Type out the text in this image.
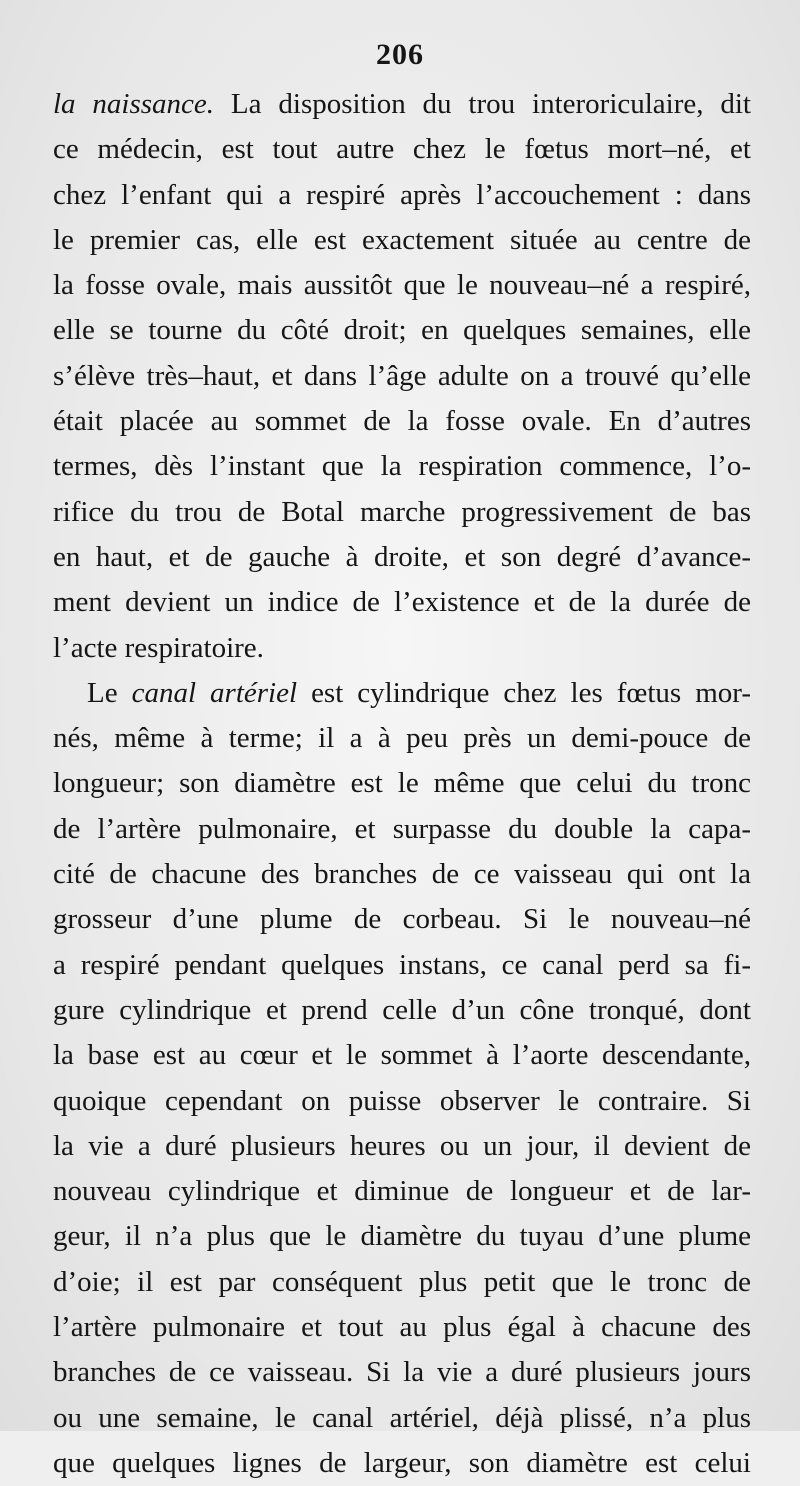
206
la naissance. La disposition du trou interoriculaire, dit
ce médecin, est tout autre chez le fœtus mort–né, et
chez l’enfant qui a respiré après l’accouchement : dans
le premier cas, elle est exactement située au centre de
la fosse ovale, mais aussitôt que le nouveau–né a respiré,
elle se tourne du côté droit; en quelques semaines, elle
s’élève très–haut, et dans l’âge adulte on a trouvé qu’elle
était placée au sommet de la fosse ovale. En d’autres
termes, dès l’instant que la respiration commence, l’o-
rifice du trou de Botal marche progressivement de bas
en haut, et de gauche à droite, et son degré d’avance-
ment devient un indice de l’existence et de la durée de
l’acte respiratoire.
Le canal artériel est cylindrique chez les fœtus mor-
nés, même à terme; il a à peu près un demi-pouce de
longueur; son diamètre est le même que celui du tronc
de l’artère pulmonaire, et surpasse du double la capa-
cité de chacune des branches de ce vaisseau qui ont la
grosseur d’une plume de corbeau. Si le nouveau–né
a respiré pendant quelques instans, ce canal perd sa fi-
gure cylindrique et prend celle d’un cône tronqué, dont
la base est au cœur et le sommet à l’aorte descendante,
quoique cependant on puisse observer le contraire. Si
la vie a duré plusieurs heures ou un jour, il devient de
nouveau cylindrique et diminue de longueur et de lar-
geur, il n’a plus que le diamètre du tuyau d’une plume
d’oie; il est par conséquent plus petit que le tronc de
l’artère pulmonaire et tout au plus égal à chacune des
branches de ce vaisseau. Si la vie a duré plusieurs jours
ou une semaine, le canal artériel, déjà plissé, n’a plus
que quelques lignes de largeur, son diamètre est celui
